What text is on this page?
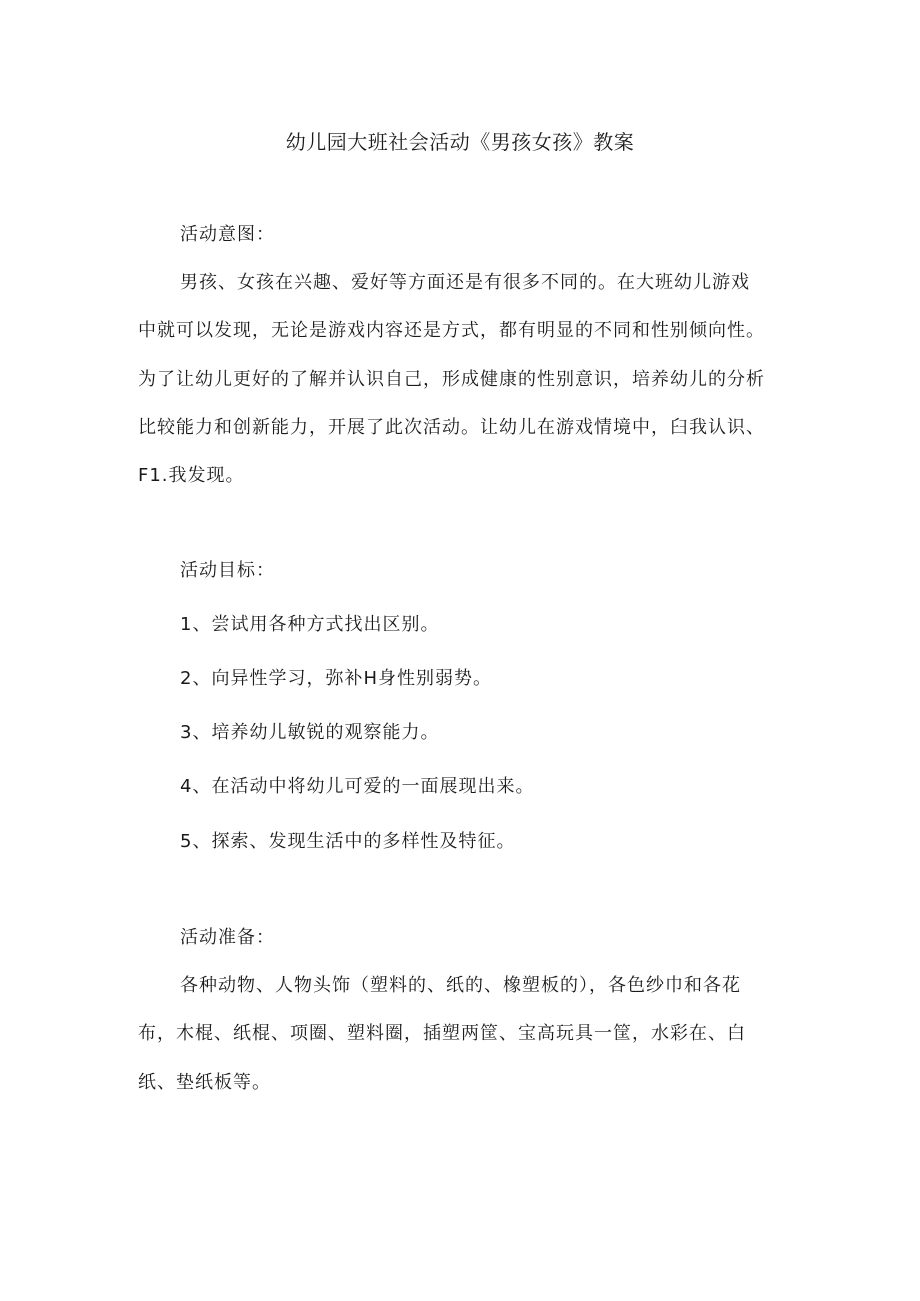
幼儿园大班社会活动《男孩女孩》教案
活动意图：
男孩、女孩在兴趣、爱好等方面还是有很多不同的。在大班幼儿游戏
中就可以发现，无论是游戏内容还是方式，都有明显的不同和性别倾向性。
为了让幼儿更好的了解并认识自己，形成健康的性别意识，培养幼儿的分析
比较能力和创新能力，开展了此次活动。让幼儿在游戏情境中，臼我认识、
F1.我发现。
活动目标：
1、尝试用各种方式找出区别。
2、向异性学习，弥补H身性别弱势。
3、培养幼儿敏锐的观察能力。
4、在活动中将幼儿可爱的一面展现出来。
5、探索、发现生活中的多样性及特征。
活动准备：
各种动物、人物头饰（塑料的、纸的、橡塑板的），各色纱巾和各花
布，木棍、纸棍、项圈、塑料圈，插塑两筐、宝高玩具一筐，水彩在、白
纸、垫纸板等。
